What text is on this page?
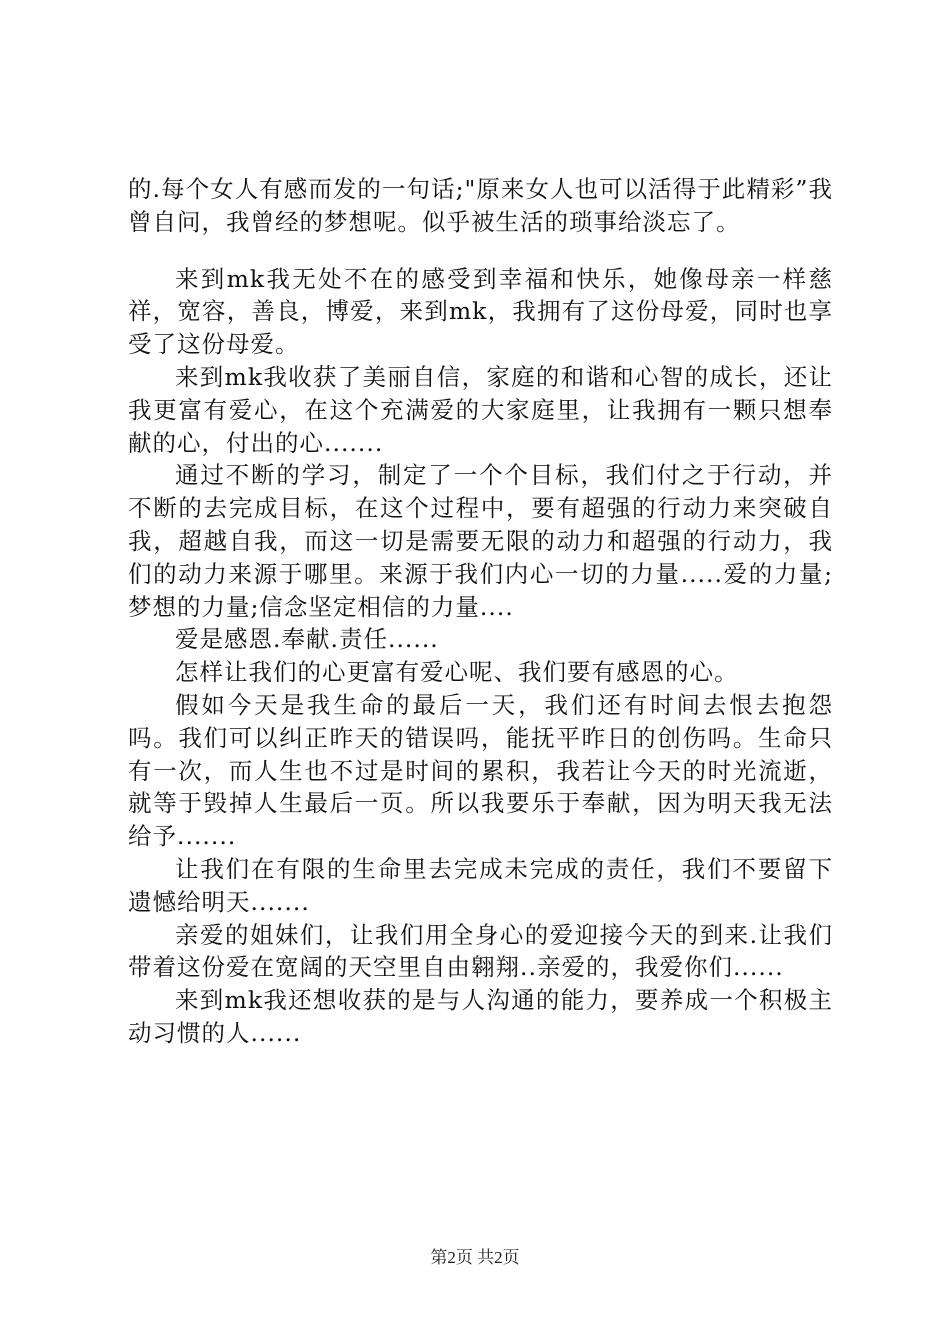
的.每个女人有感而发的一句话;"原来女人也可以活得于此精彩”我曾自问，我曾经的梦想呢。似乎被生活的琐事给淡忘了。

来到mk我无处不在的感受到幸福和快乐，她像母亲一样慈祥，宽容，善良，博爱，来到mk，我拥有了这份母爱，同时也享受了这份母爱。

来到mk我收获了美丽自信，家庭的和谐和心智的成长，还让我更富有爱心，在这个充满爱的大家庭里，让我拥有一颗只想奉献的心，付出的心.......

通过不断的学习，制定了一个个目标，我们付之于行动，并不断的去完成目标，在这个过程中，要有超强的行动力来突破自我，超越自我，而这一切是需要无限的动力和超强的行动力，我们的动力来源于哪里。来源于我们内心一切的力量.....爱的力量;梦想的力量;信念坚定相信的力量....

爱是感恩.奉献.责任......

怎样让我们的心更富有爱心呢、我们要有感恩的心。

假如今天是我生命的最后一天，我们还有时间去恨去抱怨吗。我们可以纠正昨天的错误吗，能抚平昨日的创伤吗。生命只有一次，而人生也不过是时间的累积，我若让今天的时光流逝，就等于毁掉人生最后一页。所以我要乐于奉献，因为明天我无法给予.......

让我们在有限的生命里去完成未完成的责任，我们不要留下遗憾给明天.......

亲爱的姐妹们，让我们用全身心的爱迎接今天的到来.让我们带着这份爱在宽阔的天空里自由翱翔..亲爱的，我爱你们......

来到mk我还想收获的是与人沟通的能力，要养成一个积极主动习惯的人......

第2页 共2页
